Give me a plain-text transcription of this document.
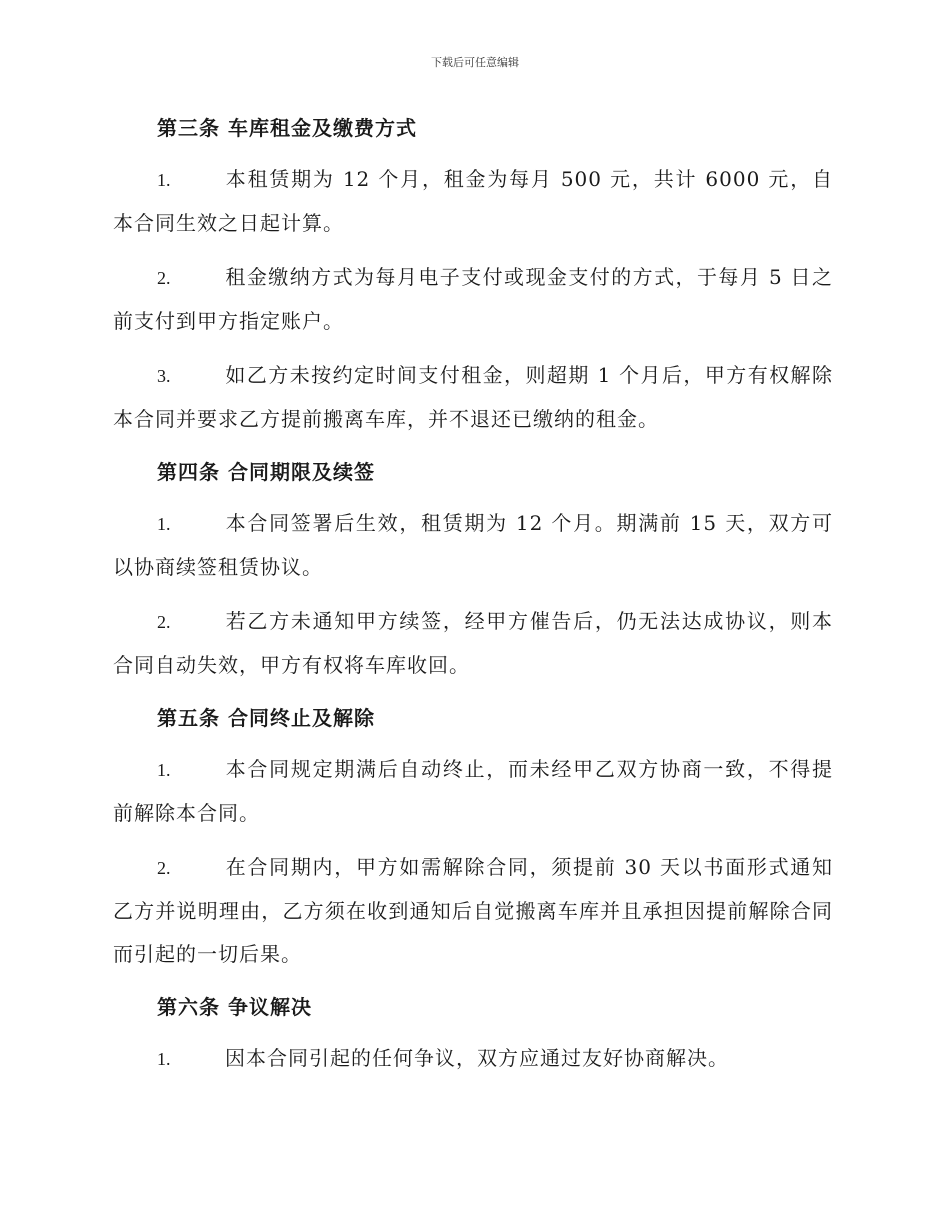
下载后可任意编辑
第三条 车库租金及缴费方式

1.	本租赁期为 12 个月，租金为每月 500 元，共计 6000 元，自本合同生效之日起计算。

2.	租金缴纳方式为每月电子支付或现金支付的方式，于每月 5 日之前支付到甲方指定账户。

3.	如乙方未按约定时间支付租金，则超期 1 个月后，甲方有权解除本合同并要求乙方提前搬离车库，并不退还已缴纳的租金。

第四条 合同期限及续签

1.	本合同签署后生效，租赁期为 12 个月。期满前 15 天，双方可以协商续签租赁协议。

2.	若乙方未通知甲方续签，经甲方催告后，仍无法达成协议，则本合同自动失效，甲方有权将车库收回。

第五条 合同终止及解除

1.	本合同规定期满后自动终止，而未经甲乙双方协商一致，不得提前解除本合同。

2.	在合同期内，甲方如需解除合同，须提前 30 天以书面形式通知乙方并说明理由，乙方须在收到通知后自觉搬离车库并且承担因提前解除合同而引起的一切后果。

第六条 争议解决

1.	因本合同引起的任何争议，双方应通过友好协商解决。
